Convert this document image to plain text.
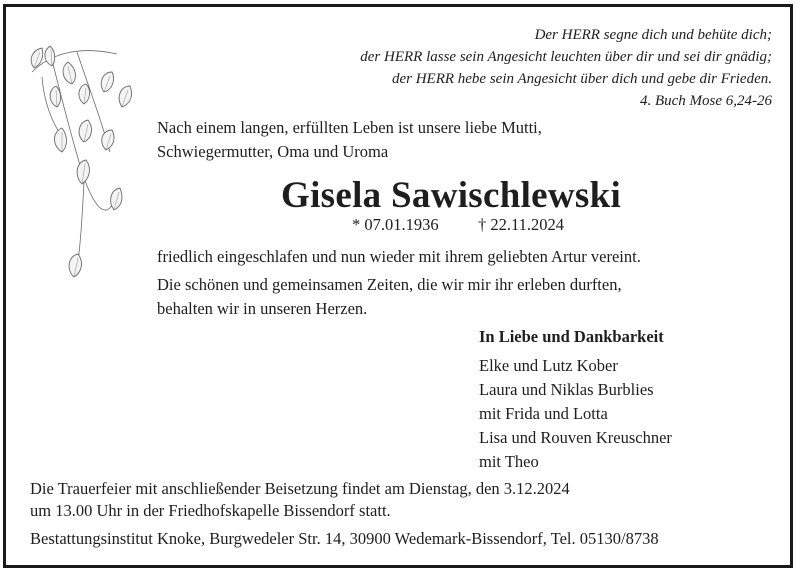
Der HERR segne dich und behüte dich;
der HERR lasse sein Angesicht leuchten über dir und sei dir gnädig;
der HERR hebe sein Angesicht über dich und gebe dir Frieden.
4. Buch Mose 6,24-26
Nach einem langen, erfüllten Leben ist unsere liebe Mutti,
Schwiegermutter, Oma und Uroma
Gisela Sawischlewski
* 07.01.1936 † 22.11.2024
friedlich eingeschlafen und nun wieder mit ihrem geliebten Artur vereint.
Die schönen und gemeinsamen Zeiten, die wir mir ihr erleben durften,
behalten wir in unseren Herzen.
In Liebe und Dankbarkeit
Elke und Lutz Kober
Laura und Niklas Burblies
mit Frida und Lotta
Lisa und Rouven Kreuschner
mit Theo
Die Trauerfeier mit anschließender Beisetzung findet am Dienstag, den 3.12.2024
um 13.00 Uhr in der Friedhofskapelle Bissendorf statt.
Bestattungsinstitut Knoke, Burgwedeler Str. 14, 30900 Wedemark-Bissendorf, Tel. 05130/8738
